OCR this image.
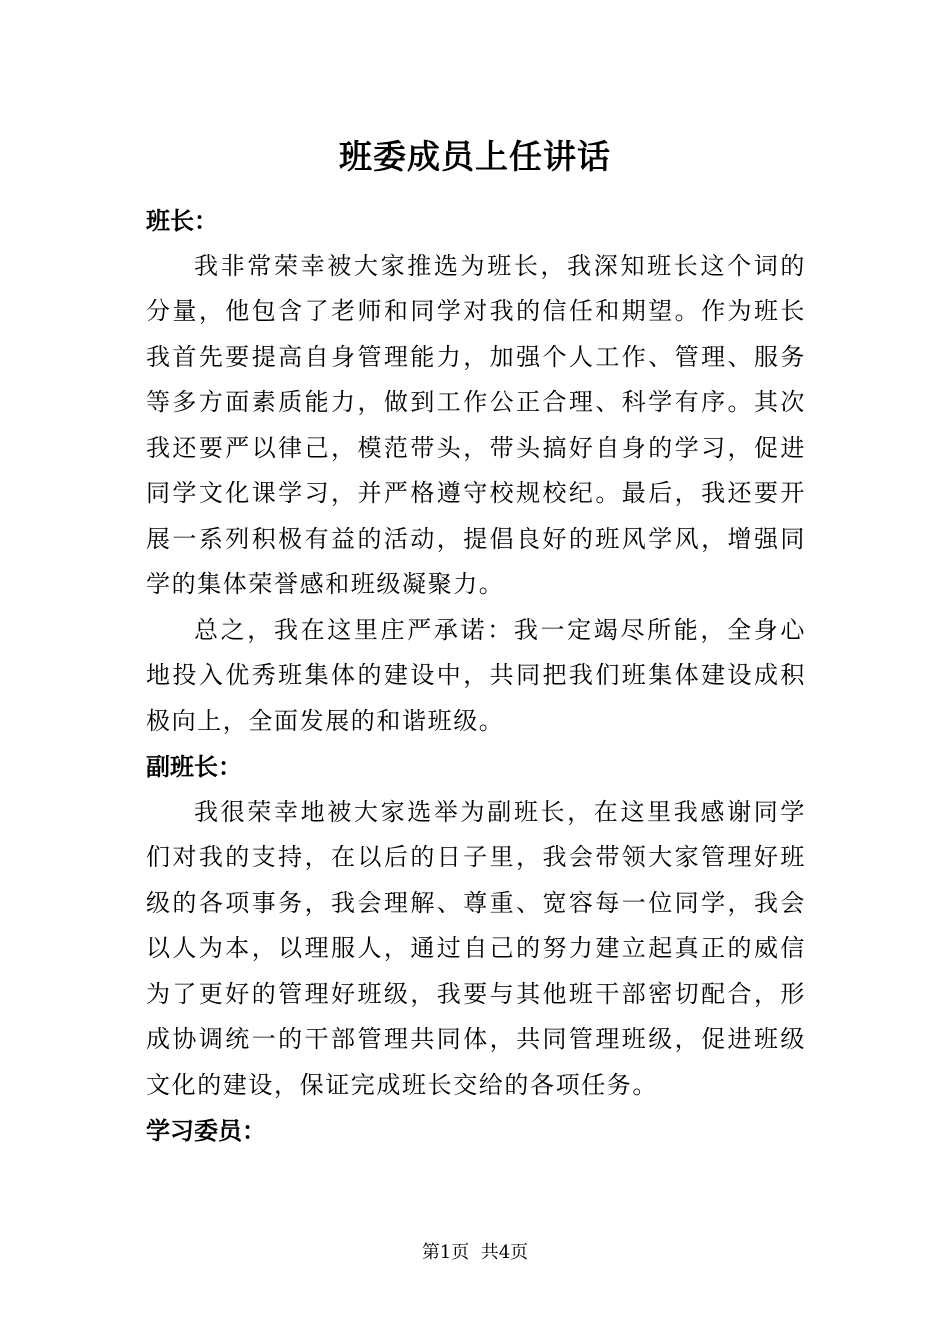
班委成员上任讲话

班长：

我非常荣幸被大家推选为班长，我深知班长这个词的分量，他包含了老师和同学对我的信任和期望。作为班长我首先要提高自身管理能力，加强个人工作、管理、服务等多方面素质能力，做到工作公正合理、科学有序。其次我还要严以律己，模范带头，带头搞好自身的学习，促进同学文化课学习，并严格遵守校规校纪。最后，我还要开展一系列积极有益的活动，提倡良好的班风学风，增强同学的集体荣誉感和班级凝聚力。

总之，我在这里庄严承诺：我一定竭尽所能，全身心地投入优秀班集体的建设中，共同把我们班集体建设成积极向上，全面发展的和谐班级。

副班长：

我很荣幸地被大家选举为副班长，在这里我感谢同学们对我的支持，在以后的日子里，我会带领大家管理好班级的各项事务，我会理解、尊重、宽容每一位同学，我会以人为本，以理服人，通过自己的努力建立起真正的威信为了更好的管理好班级，我要与其他班干部密切配合，形成协调统一的干部管理共同体，共同管理班级，促进班级文化的建设，保证完成班长交给的各项任务。

学习委员：

第1页 共4页
